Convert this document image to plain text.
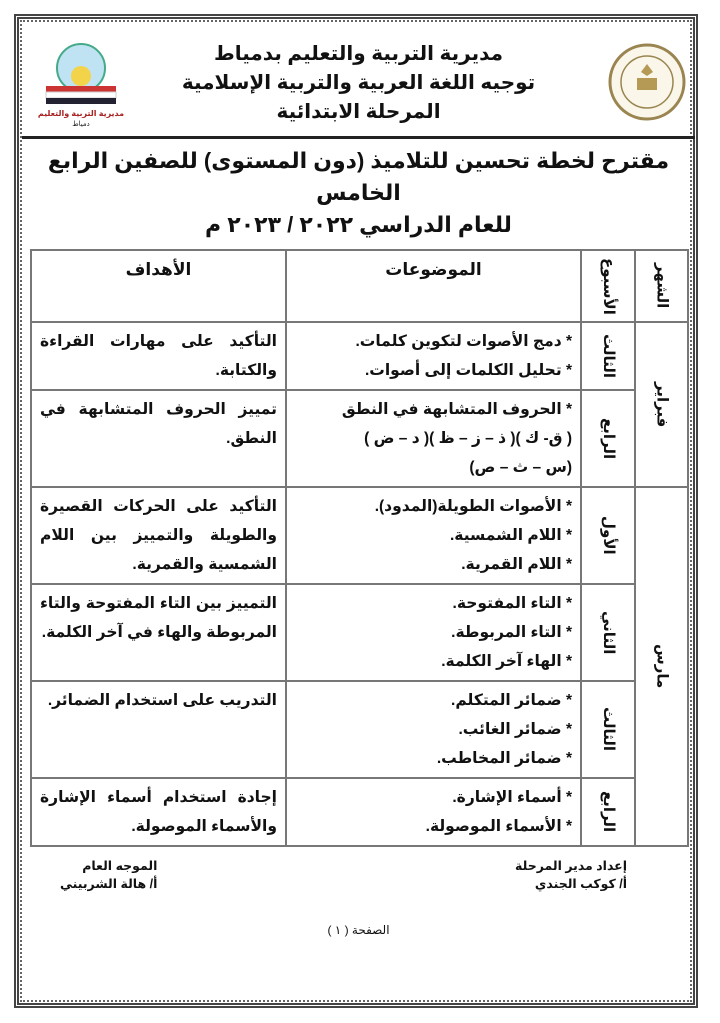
مديرية التربية والتعليم
دمياط
مديرية التربية والتعليم بدمياط
توجيه اللغة العربية والتربية الإسلامية
المرحلة الابتدائية
مقترح لخطة تحسين للتلاميذ (دون المستوى) للصفين الرابع الخامس
للعام الدراسي ٢٠٢٢ / ٢٠٢٣ م
الشهر	الأسبوع	الموضوعات	الأهداف
فبراير	الثالث	* دمج الأصوات لتكوين كلمات.
* تحليل الكلمات إلى أصوات.	التأكيد على مهارات القراءة والكتابة.
	الرابع	* الحروف المتشابهة في النطق
( ق- ك )( ذ – ز – ظ )( د – ض )
(س – ث – ص)	تمييز الحروف المتشابهة في النطق.
مارس	الأول	* الأصوات الطويلة(المدود).
* اللام الشمسية.
* اللام القمرية.	التأكيد على الحركات القصيرة والطويلة والتمييز بين اللام الشمسية والقمرية.
	الثاني	* التاء المفتوحة.
* التاء المربوطة.
* الهاء آخر الكلمة.	التمييز بين التاء المفتوحة والتاء المربوطة والهاء في آخر الكلمة.
	الثالث	* ضمائر المتكلم.
* ضمائر الغائب.
* ضمائر المخاطب.	التدريب على استخدام الضمائر.
	الرابع	* أسماء الإشارة.
* الأسماء الموصولة.	إجادة استخدام أسماء الإشارة والأسماء الموصولة.
إعداد مدير المرحلة
أ/ كوكب الجندي
الموجه العام
أ/ هالة الشربيني
الصفحة ( ١ )
